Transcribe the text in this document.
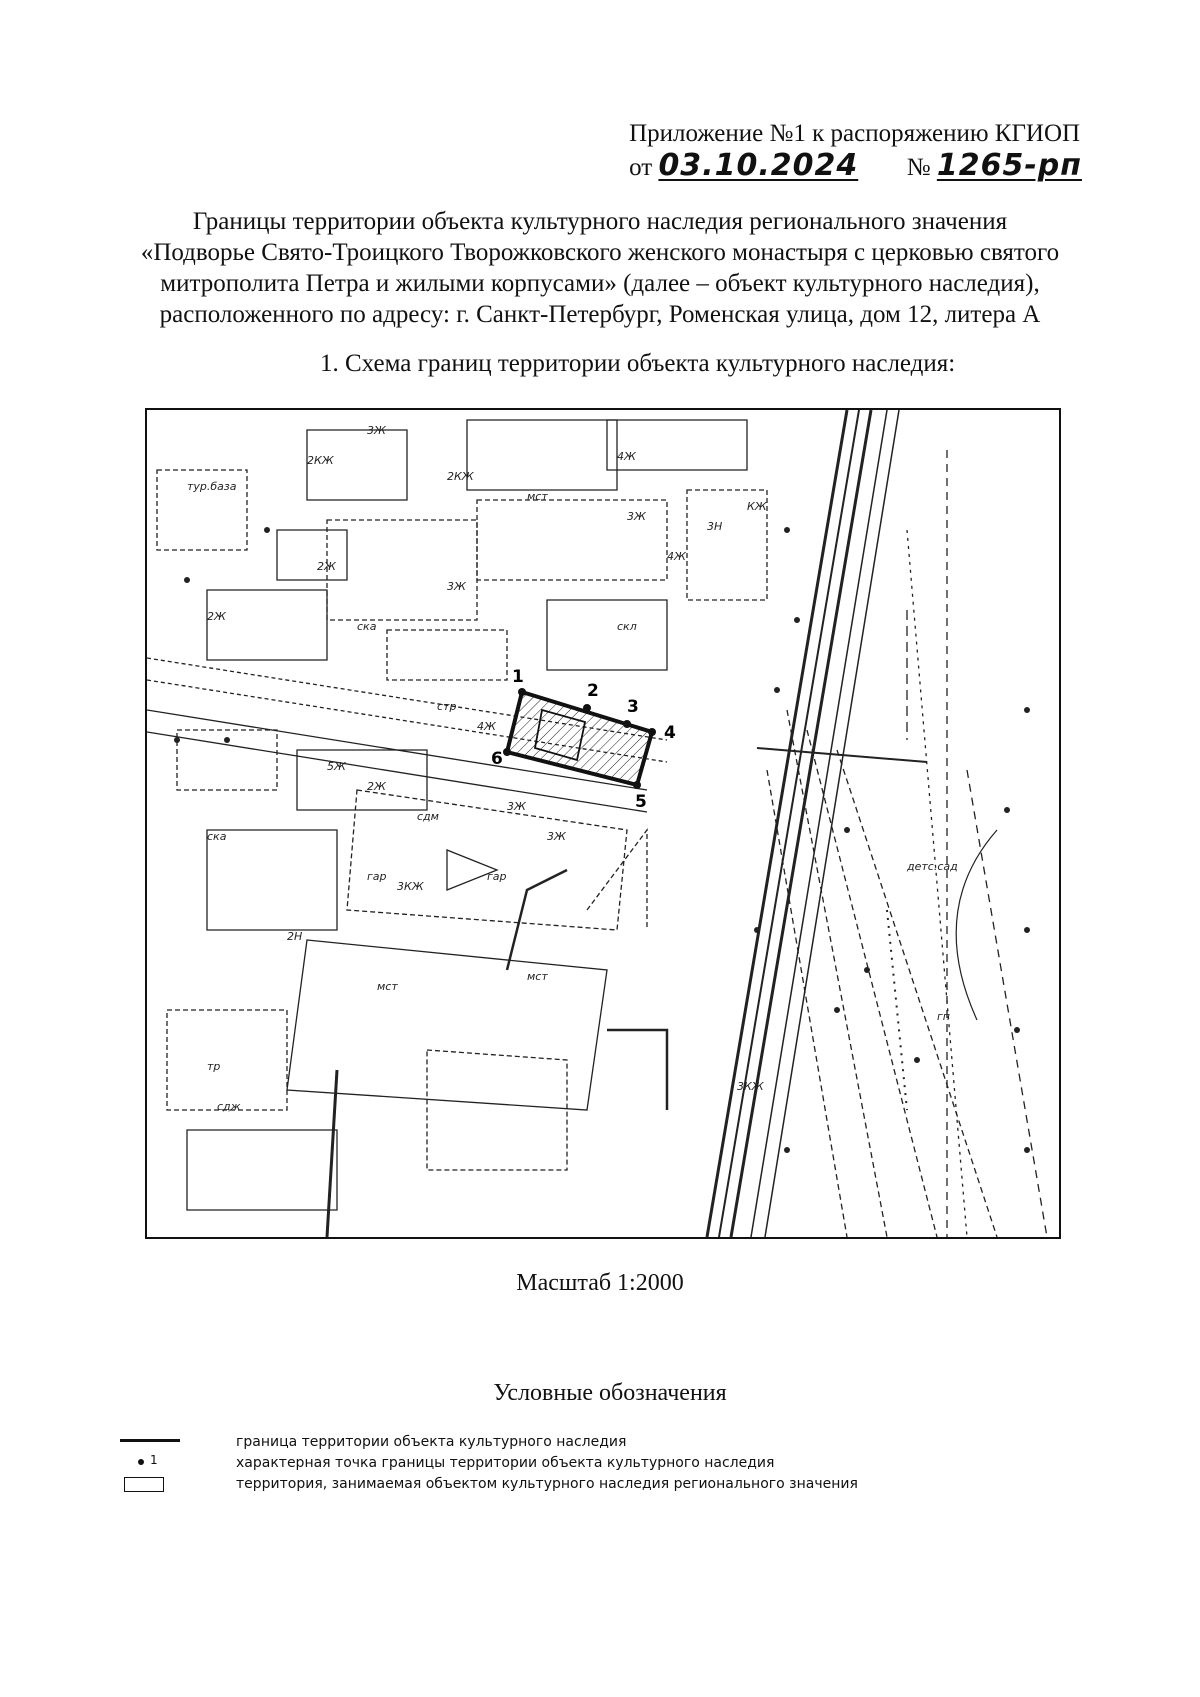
Приложение №1 к распоряжению КГИОП
от 03.10.2024 № 1265-рп
Границы территории объекта культурного наследия регионального значения
«Подворье Свято-Троицкого Творожковского женского монастыря с церковью святого
митрополита Петра и жилыми корпусами» (далее – объект культурного наследия),
расположенного по адресу: г. Санкт-Петербург, Роменская улица, дом 12, литера А
1. Схема границ территории объекта культурного наследия:
1
2
3
4
5
6
3Ж
2КЖ
2КЖ
2Ж
4Ж
3Ж
3Ж
4Ж
2Ж
5Ж
3Н
4Ж
3Ж
2Ж
3Ж
3КЖ
мст
мст
мст
ска
ска	скл
гар	гар
тр
стр
сдм
тур.база
детс.сад
3КЖ
2Н
сдж
КЖ
гп
Масштаб 1:2000
Условные обозначения
граница территории объекта культурного наследия
1	характерная точка границы территории объекта культурного наследия
территория, занимаемая объектом культурного наследия регионального значения
